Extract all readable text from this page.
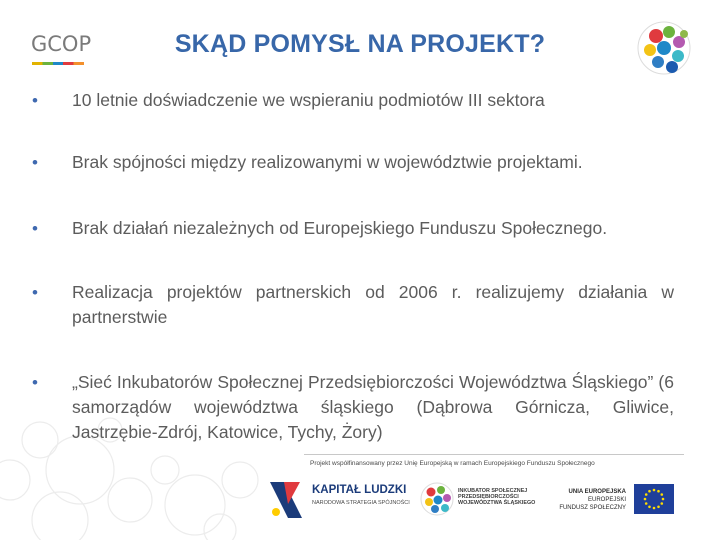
GCOP	SKĄD POMYSŁ NA PROJEKT?
• 10 letnie doświadczenie we wspieraniu podmiotów III sektora
• Brak spójności między realizowanymi w województwie projektami.
• Brak działań niezależnych od Europejskiego Funduszu Społecznego.
• Realizacja projektów partnerskich od 2006 r. realizujemy działania w partnerstwie
• „Sieć Inkubatorów Społecznej Przedsiębiorczości Województwa Śląskiego” (6 samorządów województwa śląskiego (Dąbrowa Górnicza, Gliwice, Jastrzębie-Zdrój, Katowice, Tychy, Żory)
Projekt współfinansowany przez Unię Europejską w ramach Europejskiego Funduszu Społecznego
KAPITAŁ LUDZKI
NARODOWA STRATEGIA SPÓJNOŚCI
INKUBATOR SPOŁECZNEJ
PRZEDSIĘBIORCZOŚCI
WOJEWÓDZTWA ŚLĄSKIEGO
UNIA EUROPEJSKA
EUROPEJSKI
FUNDUSZ SPOŁECZNY
